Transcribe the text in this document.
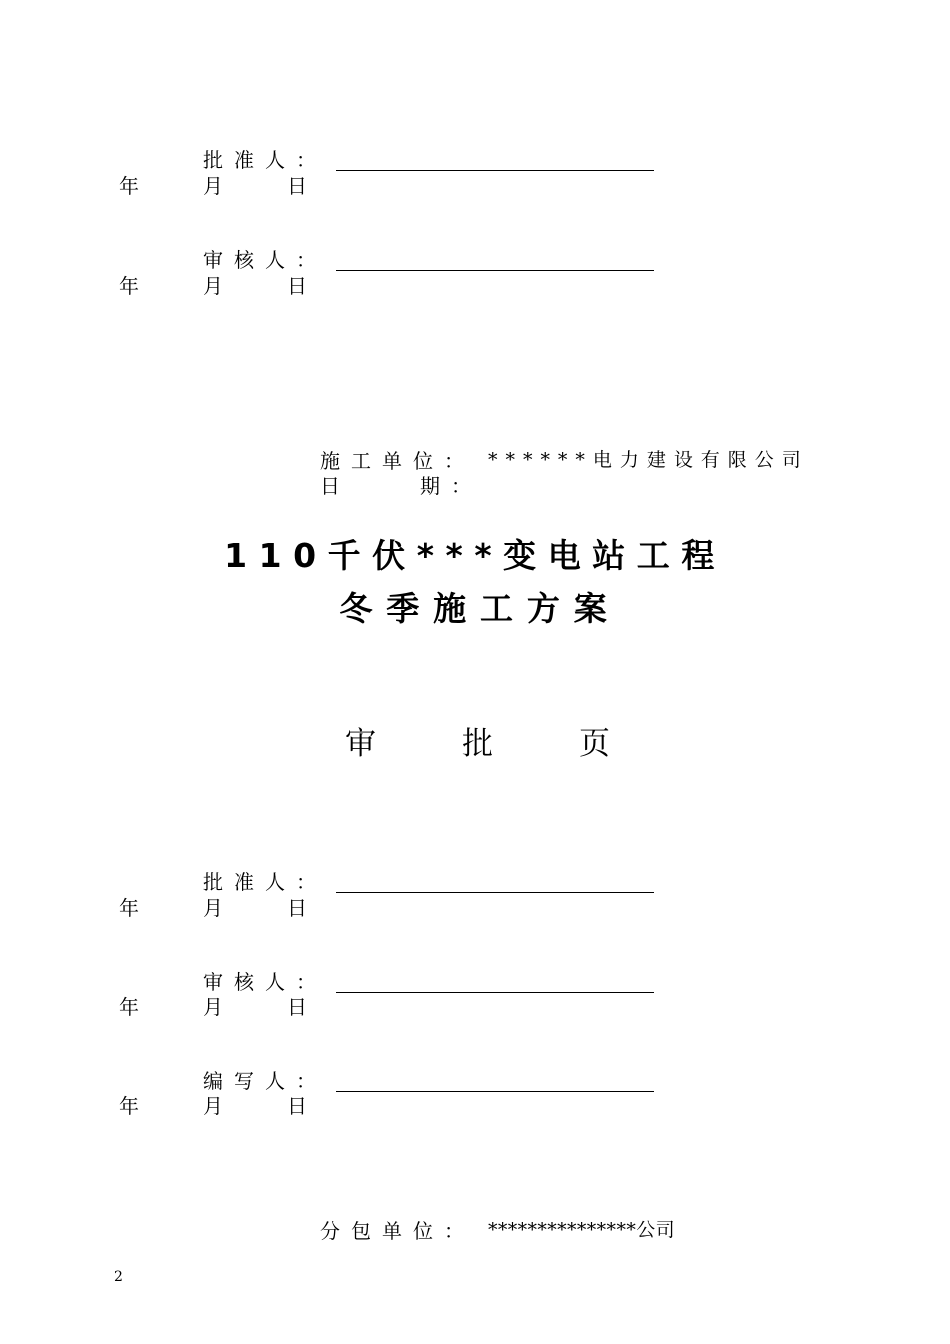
批准人：
年	月	日
审核人：
年	月	日
施工单位： ******电力建设有限公司
日	期：
110千伏***变电站工程
冬季施工方案
审	批	页
批准人：
年	月	日
审核人：
年	月	日
编写人：
年	月	日
分包单位： ***************公司
2
